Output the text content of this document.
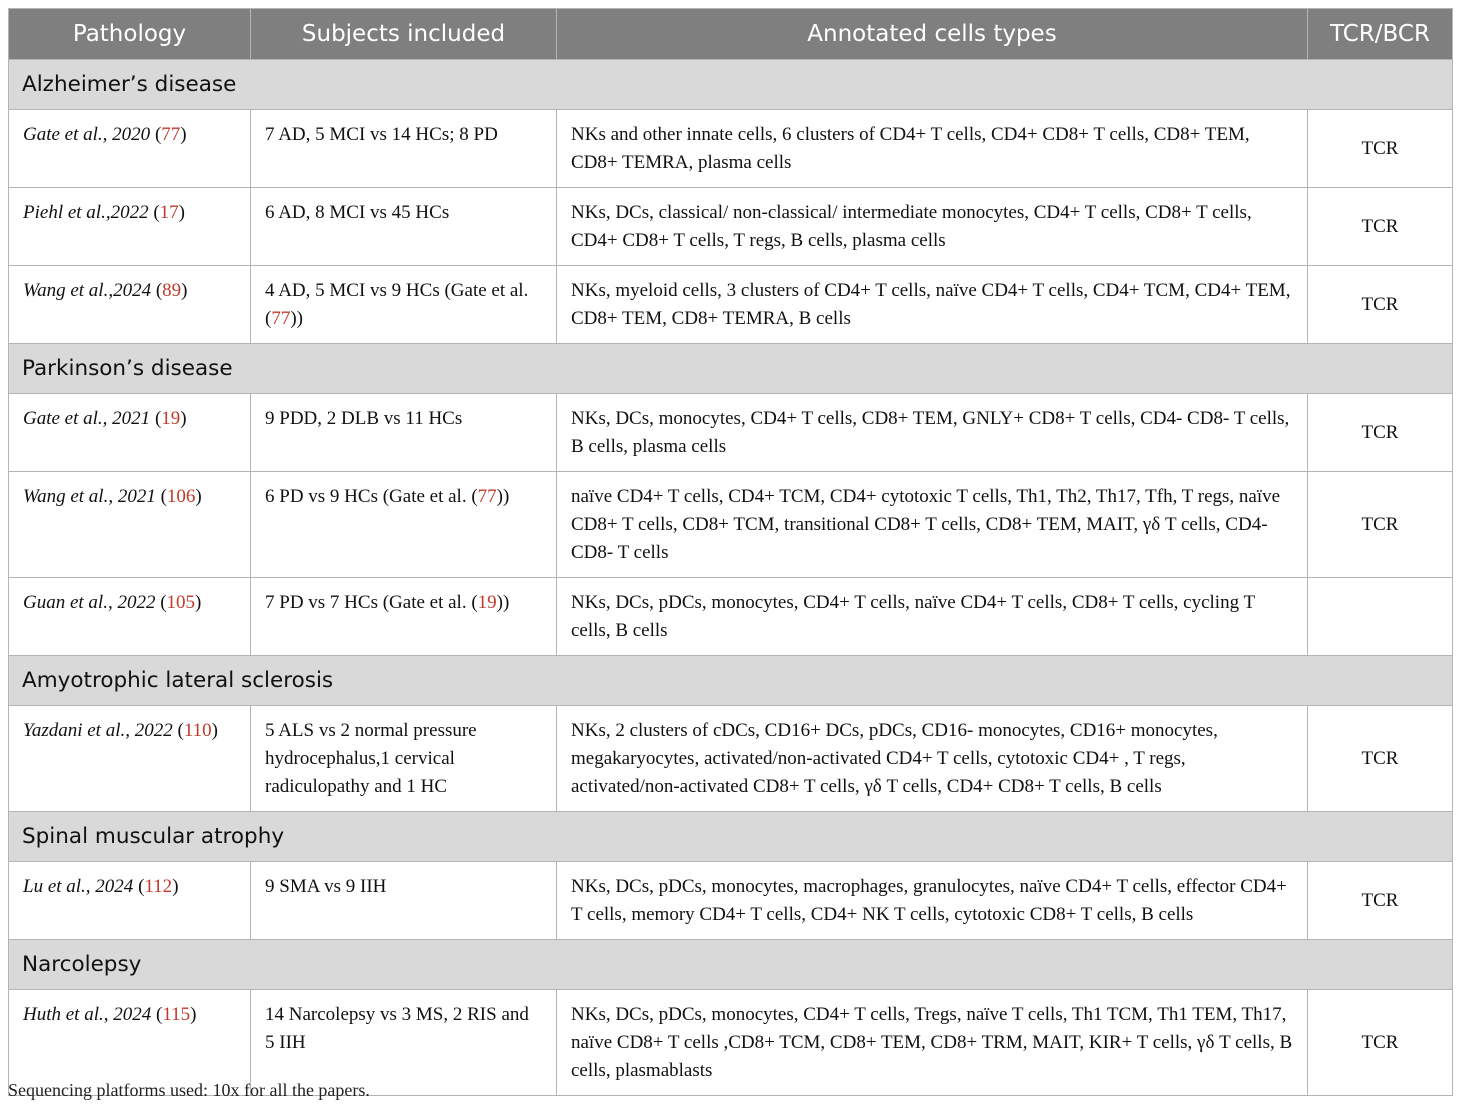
Pathology	Subjects included	Annotated cells types	TCR/BCR
Alzheimer’s disease			
Gate et al., 2020 (77)	7 AD, 5 MCI vs 14 HCs; 8 PD	NKs and other innate cells, 6 clusters of CD4+ T cells, CD4+ CD8+ T cells, CD8+ TEM, CD8+ TEMRA, plasma cells	TCR
Piehl et al.,2022 (17)	6 AD, 8 MCI vs 45 HCs	NKs, DCs, classical/ non-classical/ intermediate monocytes, CD4+ T cells, CD8+ T cells, CD4+ CD8+ T cells, T regs, B cells, plasma cells	TCR
Wang et al.,2024 (89)	4 AD, 5 MCI vs 9 HCs (Gate et al. (77))	NKs, myeloid cells, 3 clusters of CD4+ T cells, naïve CD4+ T cells, CD4+ TCM, CD4+ TEM, CD8+ TEM, CD8+ TEMRA, B cells	TCR
Parkinson’s disease			
Gate et al., 2021 (19)	9 PDD, 2 DLB vs 11 HCs	NKs, DCs, monocytes, CD4+ T cells, CD8+ TEM, GNLY+ CD8+ T cells, CD4- CD8- T cells, B cells, plasma cells	TCR
Wang et al., 2021 (106)	6 PD vs 9 HCs (Gate et al. (77))	naïve CD4+ T cells, CD4+ TCM, CD4+ cytotoxic T cells, Th1, Th2, Th17, Tfh, T regs, naïve CD8+ T cells, CD8+ TCM, transitional CD8+ T cells, CD8+ TEM, MAIT, γδ T cells, CD4- CD8- T cells	TCR
Guan et al., 2022 (105)	7 PD vs 7 HCs (Gate et al. (19))	NKs, DCs, pDCs, monocytes, CD4+ T cells, naïve CD4+ T cells, CD8+ T cells, cycling T cells, B cells	
Amyotrophic lateral sclerosis			
Yazdani et al., 2022 (110)	5 ALS vs 2 normal pressure hydrocephalus,1 cervical radiculopathy and 1 HC	NKs, 2 clusters of cDCs, CD16+ DCs, pDCs, CD16- monocytes, CD16+ monocytes, megakaryocytes, activated/non-activated CD4+ T cells, cytotoxic CD4+ , T regs, activated/non-activated CD8+ T cells, γδ T cells, CD4+ CD8+ T cells, B cells	TCR
Spinal muscular atrophy			
Lu et al., 2024 (112)	9 SMA vs 9 IIH	NKs, DCs, pDCs, monocytes, macrophages, granulocytes, naïve CD4+ T cells, effector CD4+ T cells, memory CD4+ T cells, CD4+ NK T cells, cytotoxic CD8+ T cells, B cells	TCR
Narcolepsy			
Huth et al., 2024 (115)	14 Narcolepsy vs 3 MS, 2 RIS and 5 IIH	NKs, DCs, pDCs, monocytes, CD4+ T cells, Tregs, naïve T cells, Th1 TCM, Th1 TEM, Th17, naïve CD8+ T cells ,CD8+ TCM, CD8+ TEM, CD8+ TRM, MAIT, KIR+ T cells, γδ T cells, B cells, plasmablasts	TCR
Sequencing platforms used: 10x for all the papers.
